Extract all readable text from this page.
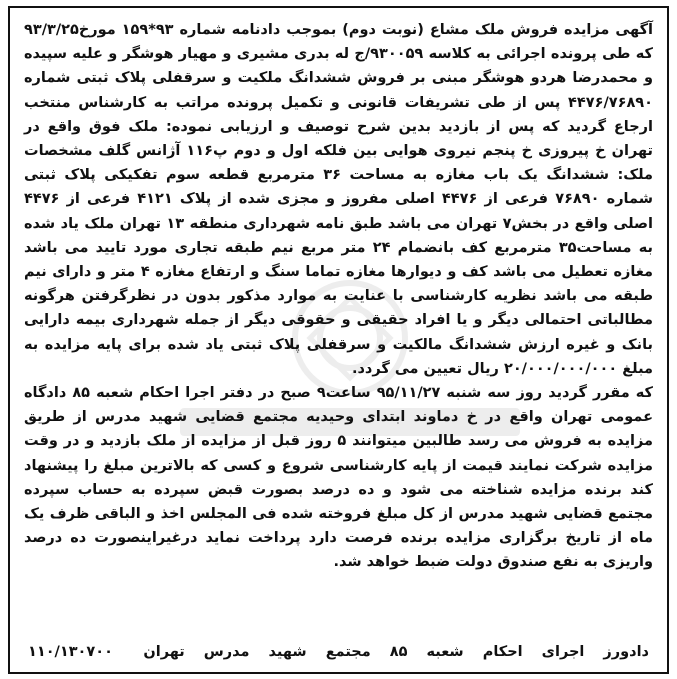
آگهی مزایده فروش ملک مشاع (نوبت دوم) بموجب دادنامه شماره ۹۳*۱۵۹ مورخ۹۳/۳/۲۵ که طی پرونده اجرائی به کلاسه ۹۳۰۰۵۹/ج له بدری مشیری و مهیار هوشگر و علیه سپیده و محمدرضا هردو هوشگر مبنی بر فروش ششدانگ ملکیت و سرقفلی پلاک ثبتی شماره ۴۴۷۶/۷۶۸۹۰ پس از طی تشریفات قانونی و تکمیل پرونده مراتب به کارشناس منتخب ارجاع گردید که پس از بازدید بدین شرح توصیف و ارزیابی نموده: ملک فوق واقع در تهران خ پیروزی خ پنجم نیروی هوایی بین فلکه اول و دوم پ۱۱۶ آژانس گلف مشخصات ملک: ششدانگ یک باب مغازه به مساحت ۳۶ مترمربع قطعه سوم تفکیکی پلاک ثبتی شماره ۷۶۸۹۰ فرعی از ۴۴۷۶ اصلی مفروز و مجزی شده از پلاک ۴۱۲۱ فرعی از ۴۴۷۶ اصلی واقع در بخش۷ تهران می باشد طبق نامه شهرداری منطقه ۱۳ تهران ملک یاد شده به مساحت۳۵ مترمربع کف بانضمام ۲۴ متر مربع نیم طبقه تجاری مورد تایید می باشد مغازه تعطیل می باشد کف و دیوارها مغازه تماما سنگ و ارتفاع مغازه ۴ متر و دارای نیم طبقه می باشد نظریه کارشناسی با عنایت به موارد مذکور بدون در نظرگرفتن هرگونه مطالباتی احتمالی دیگر و یا افراد حقیقی و حقوقی دیگر از جمله شهرداری بیمه دارایی بانک و غیره ارزش ششدانگ مالکیت و سرقفلی پلاک ثبتی یاد شده برای پایه مزایده به مبلغ ۲۰/۰۰۰/۰۰۰/۰۰۰ ریال تعیین می گردد.

که مقرر گردید روز سه شنبه ۹۵/۱۱/۲۷ ساعت۹ صبح در دفتر اجرا احکام شعبه ۸۵ دادگاه عمومی تهران واقع در خ دماوند ابتدای وحیدیه مجتمع قضایی شهید مدرس از طریق مزایده به فروش می رسد طالبین میتوانند ۵ روز قبل از مزایده از ملک بازدید و در وقت مزایده شرکت نمایند قیمت از پایه کارشناسی شروع و کسی که بالاترین مبلغ را پیشنهاد کند برنده مزایده شناخته می شود و ده درصد بصورت قبض سپرده به حساب سپرده مجتمع قضایی شهید مدرس از کل مبلغ فروخته شده فی المجلس اخذ و الباقی ظرف یک ماه از تاریخ برگزاری مزایده برنده فرصت دارد پرداخت نماید درغیراینصورت ده درصد واریزی به نفع صندوق دولت ضبط خواهد شد.

دادورز اجرای احکام شعبه ۸۵ مجتمع شهید مدرس تهران
۱۱۰/۱۳۰۷۰۰
